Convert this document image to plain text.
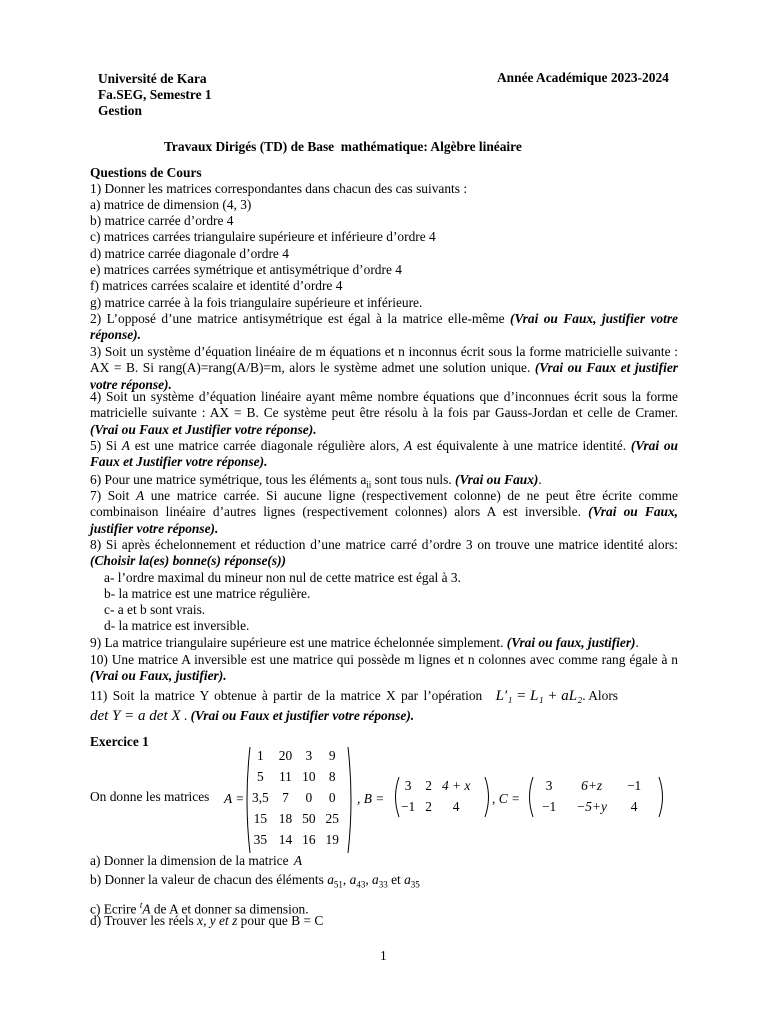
Université de Kara
Fa.SEG, Semestre 1
Gestion
Année Académique 2023-2024
Travaux Dirigés (TD) de Base  mathématique: Algèbre linéaire
Questions de Cours
1) Donner les matrices correspondantes dans chacun des cas suivants :
a) matrice de dimension (4, 3)
b) matrice carrée d’ordre 4
c) matrices carrées triangulaire supérieure et inférieure d’ordre 4
d) matrice carrée diagonale d’ordre 4
e) matrices carrées symétrique et antisymétrique d’ordre 4
f) matrices carrées scalaire et identité d’ordre 4
g) matrice carrée à la fois triangulaire supérieure et inférieure.
2) L’opposé d’une matrice antisymétrique est égal à la matrice elle-même (Vrai ou Faux, justifier votre réponse).
3) Soit un système d’équation linéaire de m équations et n inconnus écrit sous la forme matricielle suivante : AX = B. Si rang(A)=rang(A/B)=m, alors le système admet une solution unique. (Vrai ou Faux et justifier votre réponse).
4) Soit un système d’équation linéaire ayant même nombre équations que d’inconnues écrit sous la forme matricielle suivante : AX = B. Ce système peut être résolu à la fois par Gauss-Jordan et celle de Cramer. (Vrai ou Faux et Justifier votre réponse).
5) Si A est une matrice carrée diagonale régulière alors, A est équivalente à une matrice identité. (Vrai ou Faux et Justifier votre réponse).
6) Pour une matrice symétrique, tous les éléments $a_{ii}$ sont tous nuls. (Vrai ou Faux).
7) Soit A une matrice carrée. Si aucune ligne (respectivement colonne) de ne peut être écrite comme combinaison linéaire d’autres lignes (respectivement colonnes) alors A est inversible. (Vrai ou Faux, justifier votre réponse).
8) Si après échelonnement et réduction d’une matrice carré d’ordre 3 on trouve une matrice identité alors: (Choisir la(es) bonne(s) réponse(s))
a- l’ordre maximal du mineur non nul de cette matrice est égal à 3.
b- la matrice est une matrice régulière.
c- a et b sont vrais.
d- la matrice est inversible.
9) La matrice triangulaire supérieure est une matrice échelonnée simplement. (Vrai ou faux, justifier).
10) Une matrice A inversible est une matrice qui possède m lignes et n colonnes avec comme rang égale à n (Vrai ou Faux, justifier).
11) Soit la matrice Y obtenue à partir de la matrice X par l’opération L′₁ = L₁ + aL₂. Alors
det Y = a det X . (Vrai ou Faux et justifier votre réponse).
Exercice 1
On donne les matrices A =
1	20	3	9
5	11	10	8
3,5	7	0	0
15	18	50	25
35	14	16	19
, B =
3	2	4 + x
−1	2	4
, C =
3	6+z	−1
−1	−5+y	4
a) Donner la dimension de la matrice A
b) Donner la valeur de chacun des éléments $a_{51}$, $a_{43}$, $a_{33}$ et $a_{35}$
c) Ecrire $^t$A de A et donner sa dimension.
d) Trouver les réels x, y et z pour que B = C
1
